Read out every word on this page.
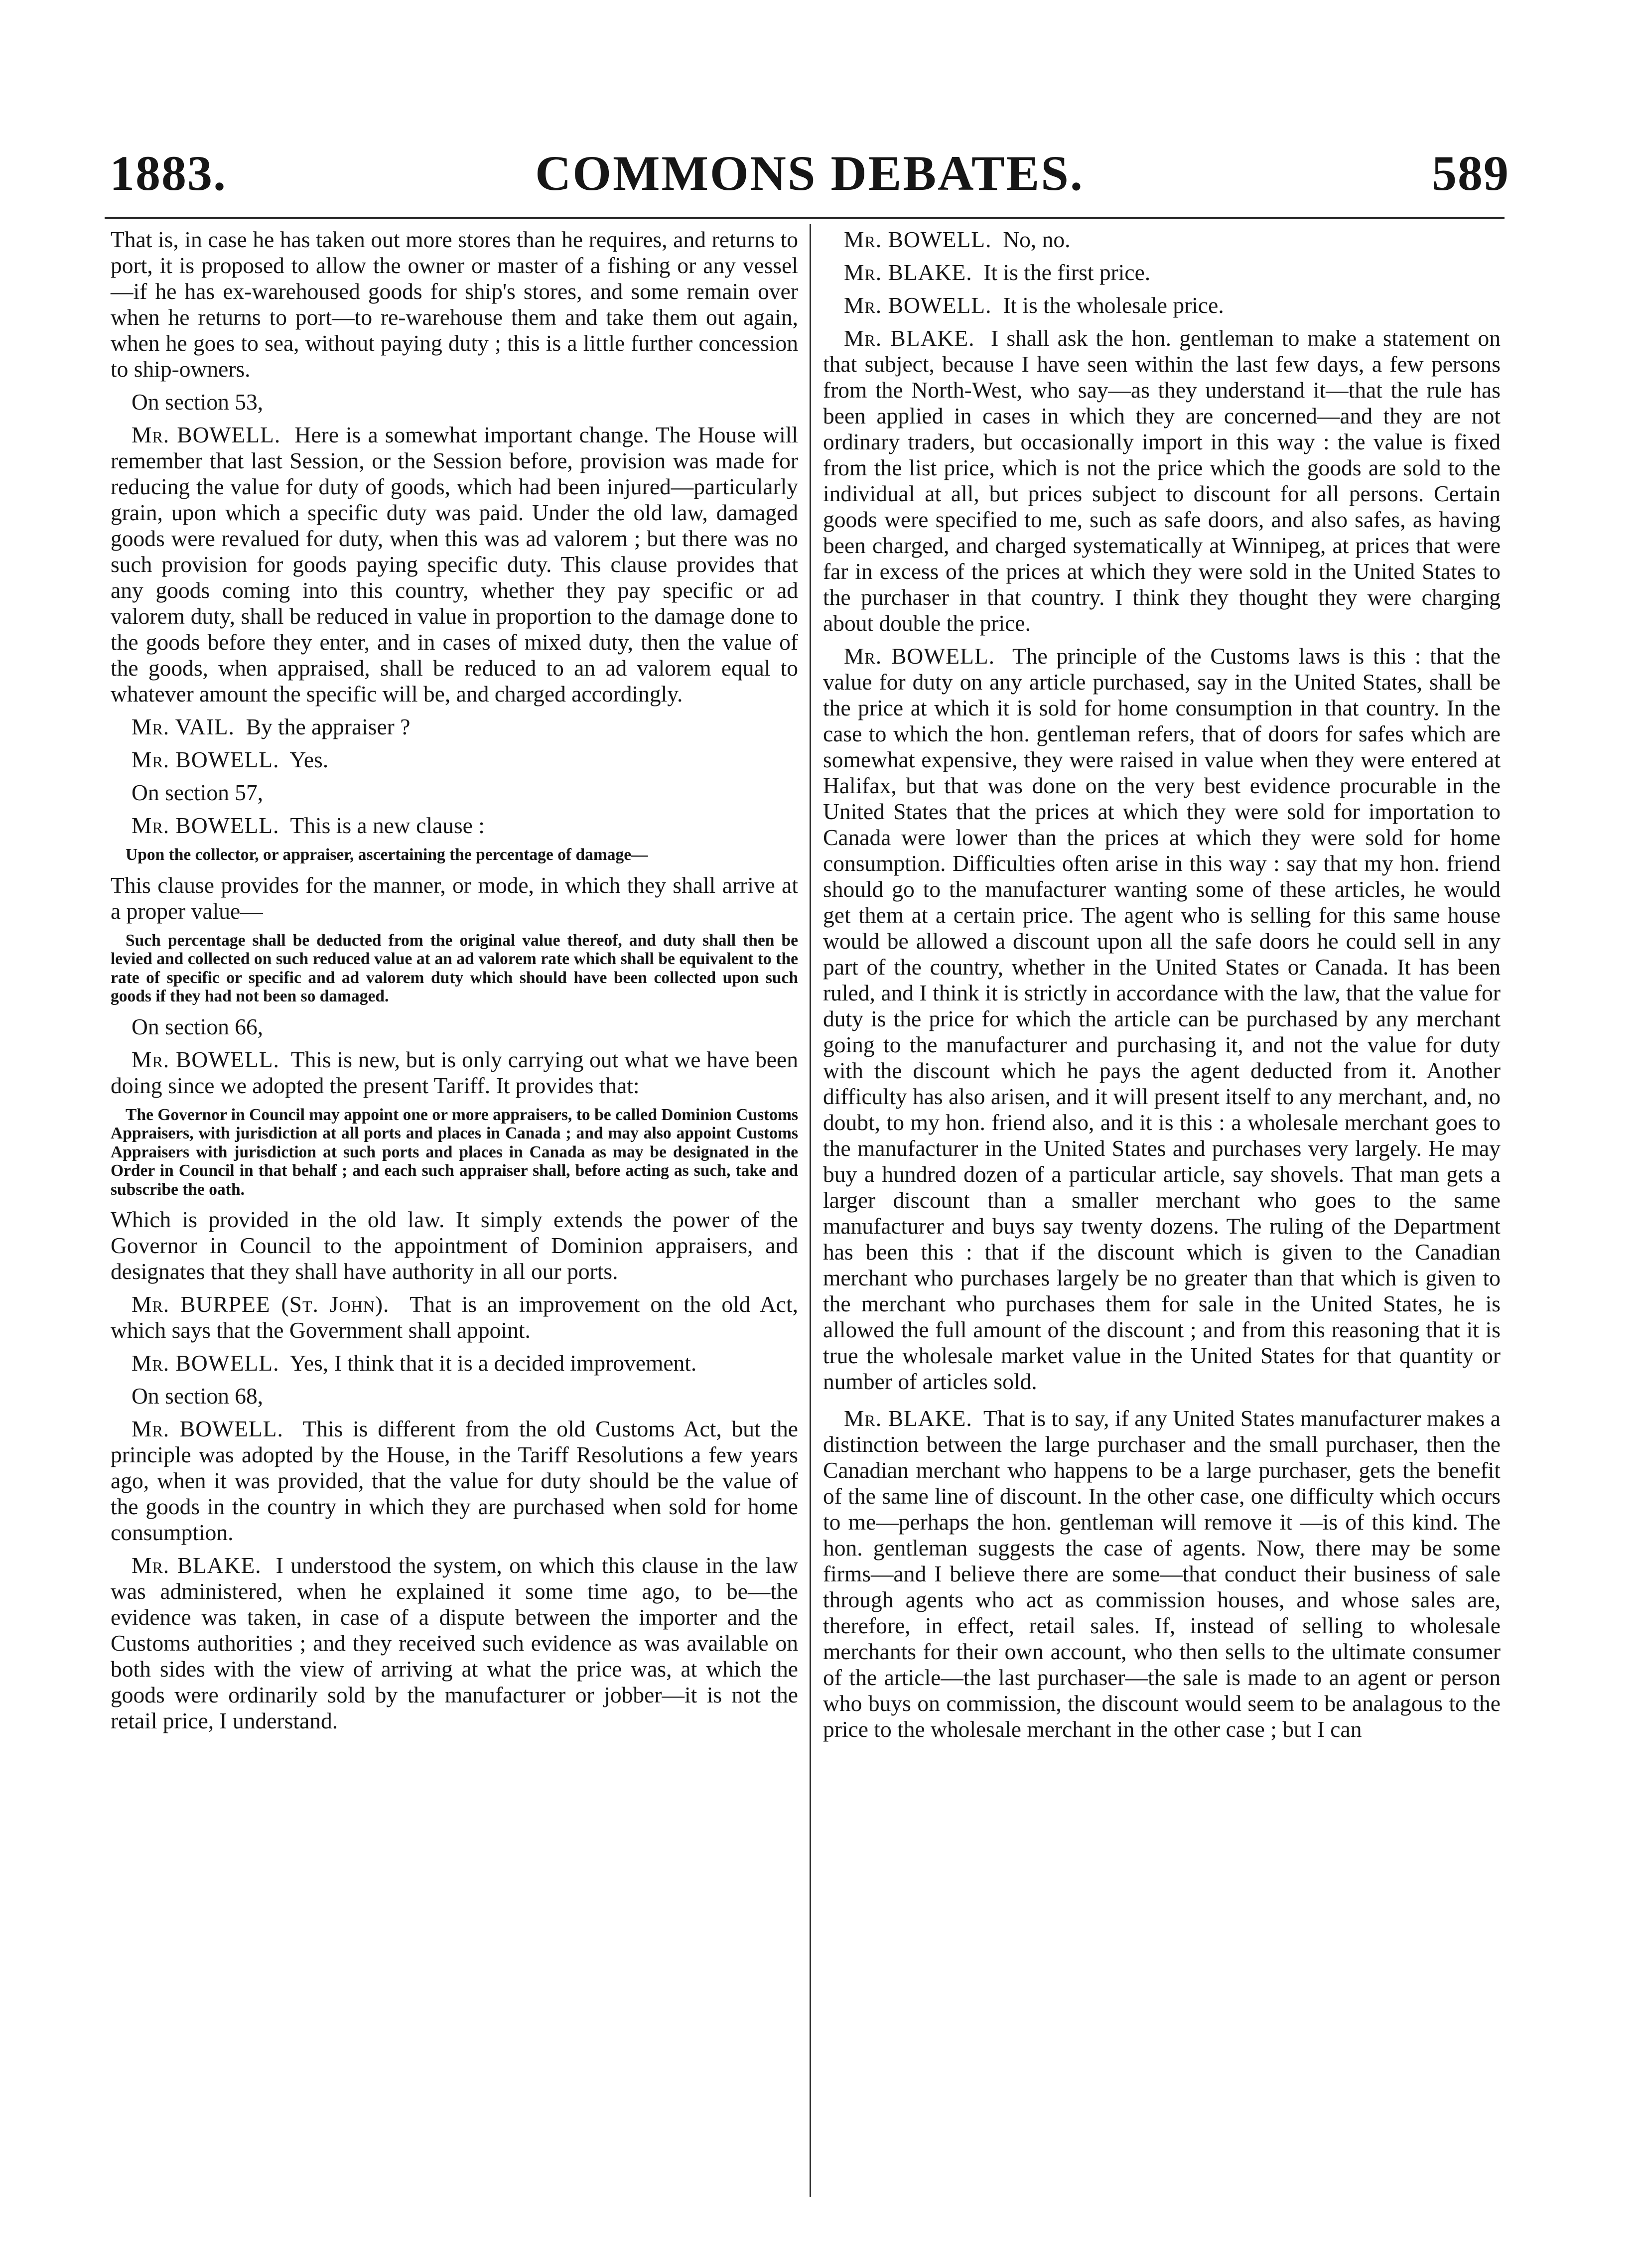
1883.	COMMONS DEBATES.	589

That is, in case he has taken out more stores than he requires, and returns to port, it is proposed to allow the owner or master of a fishing or any vessel—if he has ex-warehoused goods for ship's stores, and some remain over when he returns to port—to re-warehouse them and take them out again, when he goes to sea, without paying duty ; this is a little further concession to ship-owners.

On section 53,

Mr. BOWELL. Here is a somewhat important change. The House will remember that last Session, or the Session before, provision was made for reducing the value for duty of goods, which had been injured—particularly grain, upon which a specific duty was paid. Under the old law, damaged goods were revalued for duty, when this was ad valorem ; but there was no such provision for goods paying specific duty. This clause provides that any goods coming into this country, whether they pay specific or ad valorem duty, shall be reduced in value in proportion to the damage done to the goods before they enter, and in cases of mixed duty, then the value of the goods, when appraised, shall be reduced to an ad valorem equal to whatever amount the specific will be, and charged accordingly.

Mr. VAIL. By the appraiser ?

Mr. BOWELL. Yes.

On section 57,

Mr. BOWELL. This is a new clause :

Upon the collector, or appraiser, ascertaining the percentage of damage—

This clause provides for the manner, or mode, in which they shall arrive at a proper value—

Such percentage shall be deducted from the original value thereof, and duty shall then be levied and collected on such reduced value at an ad valorem rate which shall be equivalent to the rate of specific or specific and ad valorem duty which should have been collected upon such goods if they had not been so damaged.

On section 66,

Mr. BOWELL. This is new, but is only carrying out what we have been doing since we adopted the present Tariff. It provides that:

The Governor in Council may appoint one or more appraisers, to be called Dominion Customs Appraisers, with jurisdiction at all ports and places in Canada ; and may also appoint Customs Appraisers with jurisdiction at such ports and places in Canada as may be designated in the Order in Council in that behalf ; and each such appraiser shall, before acting as such, take and subscribe the oath.

Which is provided in the old law. It simply extends the power of the Governor in Council to the appointment of Dominion appraisers, and designates that they shall have authority in all our ports.

Mr. BURPEE (St. John). That is an improvement on the old Act, which says that the Government shall appoint.

Mr. BOWELL. Yes, I think that it is a decided improvement.

On section 68,

Mr. BOWELL. This is different from the old Customs Act, but the principle was adopted by the House, in the Tariff Resolutions a few years ago, when it was provided, that the value for duty should be the value of the goods in the country in which they are purchased when sold for home consumption.

Mr. BLAKE. I understood the system, on which this clause in the law was administered, when he explained it some time ago, to be—the evidence was taken, in case of a dispute between the importer and the Customs authorities ; and they received such evidence as was available on both sides with the view of arriving at what the price was, at which the goods were ordinarily sold by the manufacturer or jobber—it is not the retail price, I understand.

Mr. BOWELL. No, no.

Mr. BLAKE. It is the first price.

Mr. BOWELL. It is the wholesale price.

Mr. BLAKE. I shall ask the hon. gentleman to make a statement on that subject, because I have seen within the last few days, a few persons from the North-West, who say—as they understand it—that the rule has been applied in cases in which they are concerned—and they are not ordinary traders, but occasionally import in this way : the value is fixed from the list price, which is not the price which the goods are sold to the individual at all, but prices subject to discount for all persons. Certain goods were specified to me, such as safe doors, and also safes, as having been charged, and charged systematically at Winnipeg, at prices that were far in excess of the prices at which they were sold in the United States to the purchaser in that country. I think they thought they were charging about double the price.

Mr. BOWELL. The principle of the Customs laws is this : that the value for duty on any article purchased, say in the United States, shall be the price at which it is sold for home consumption in that country. In the case to which the hon. gentleman refers, that of doors for safes which are somewhat expensive, they were raised in value when they were entered at Halifax, but that was done on the very best evidence procurable in the United States that the prices at which they were sold for importation to Canada were lower than the prices at which they were sold for home consumption. Difficulties often arise in this way : say that my hon. friend should go to the manufacturer wanting some of these articles, he would get them at a certain price. The agent who is selling for this same house would be allowed a discount upon all the safe doors he could sell in any part of the country, whether in the United States or Canada. It has been ruled, and I think it is strictly in accordance with the law, that the value for duty is the price for which the article can be purchased by any merchant going to the manufacturer and purchasing it, and not the value for duty with the discount which he pays the agent deducted from it. Another difficulty has also arisen, and it will present itself to any merchant, and, no doubt, to my hon. friend also, and it is this : a wholesale merchant goes to the manufacturer in the United States and purchases very largely. He may buy a hundred dozen of a particular article, say shovels. That man gets a larger discount than a smaller merchant who goes to the same manufacturer and buys say twenty dozens. The ruling of the Department has been this : that if the discount which is given to the Canadian merchant who purchases largely be no greater than that which is given to the merchant who purchases them for sale in the United States, he is allowed the full amount of the discount ; and from this reasoning that it is true the wholesale market value in the United States for that quantity or number of articles sold.

Mr. BLAKE. That is to say, if any United States manufacturer makes a distinction between the large purchaser and the small purchaser, then the Canadian merchant who happens to be a large purchaser, gets the benefit of the same line of discount. In the other case, one difficulty which occurs to me—perhaps the hon. gentleman will remove it —is of this kind. The hon. gentleman suggests the case of agents. Now, there may be some firms—and I believe there are some—that conduct their business of sale through agents who act as commission houses, and whose sales are, therefore, in effect, retail sales. If, instead of selling to wholesale merchants for their own account, who then sells to the ultimate consumer of the article—the last purchaser—the sale is made to an agent or person who buys on commission, the discount would seem to be analagous to the price to the wholesale merchant in the other case ; but I can
